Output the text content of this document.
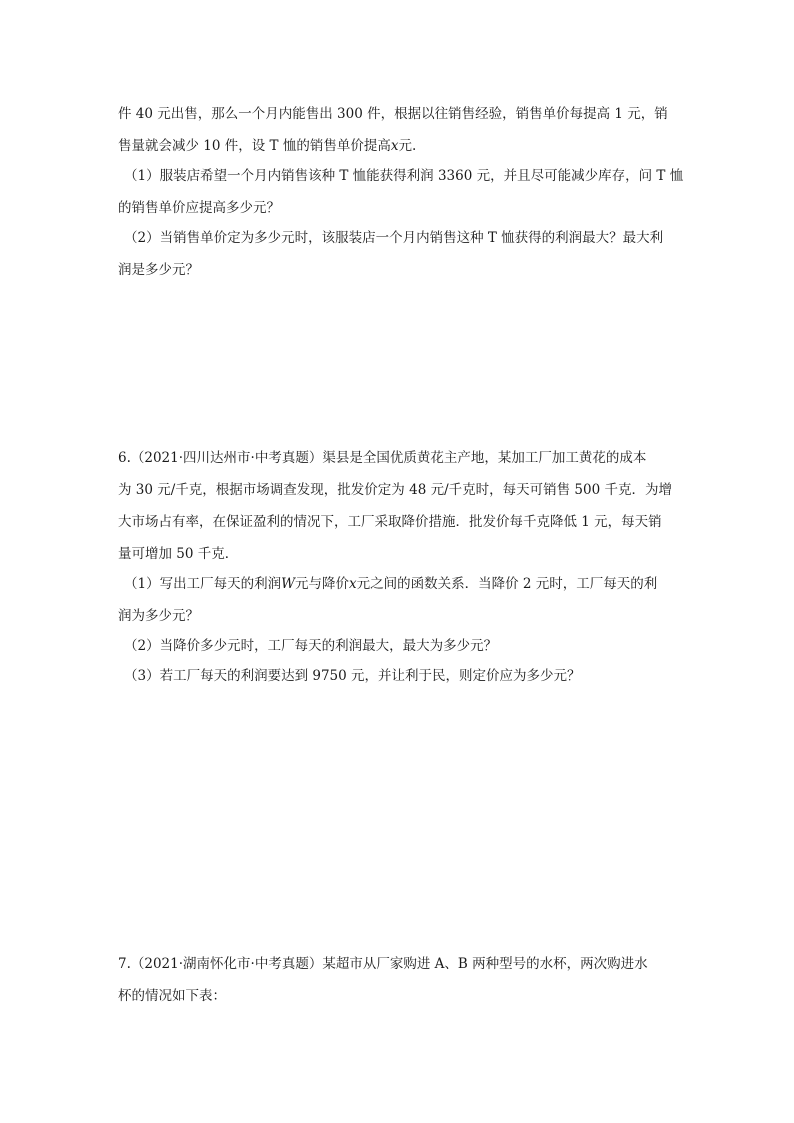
件 40 元出售，那么一个月内能售出 300 件，根据以往销售经验，销售单价每提高 1 元，销
售量就会减少 10 件，设 T 恤的销售单价提高x元.
（1）服装店希望一个月内销售该种 T 恤能获得利润 3360 元，并且尽可能减少库存，问 T 恤
的销售单价应提高多少元？
（2）当销售单价定为多少元时，该服装店一个月内销售这种 T 恤获得的利润最大？最大利
润是多少元？
6.（2021·四川达州市·中考真题）渠县是全国优质黄花主产地，某加工厂加工黄花的成本
为 30 元/千克，根据市场调查发现，批发价定为 48 元/千克时，每天可销售 500 千克．为增
大市场占有率，在保证盈利的情况下，工厂采取降价措施．批发价每千克降低 1 元，每天销
量可增加 50 千克．
（1）写出工厂每天的利润W元与降价x元之间的函数关系．当降价 2 元时，工厂每天的利
润为多少元？
（2）当降价多少元时，工厂每天的利润最大，最大为多少元？
（3）若工厂每天的利润要达到 9750 元，并让利于民，则定价应为多少元？
7.（2021·湖南怀化市·中考真题）某超市从厂家购进 A、B 两种型号的水杯，两次购进水
杯的情况如下表：
